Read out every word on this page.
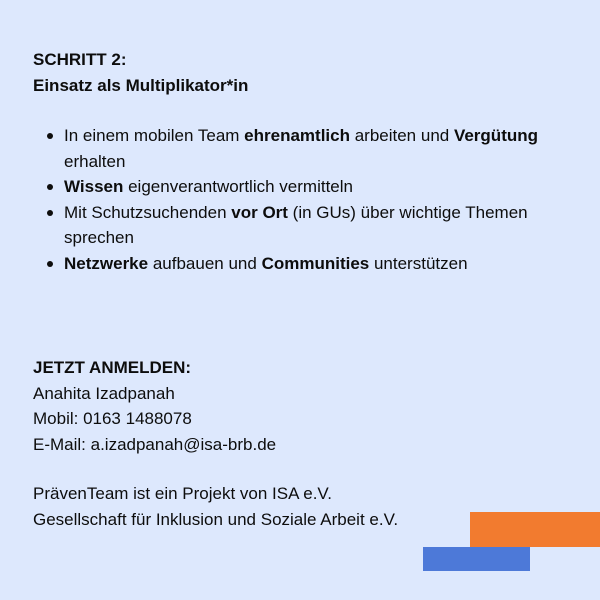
SCHRITT 2:
Einsatz als Multiplikator*in
In einem mobilen Team ehrenamtlich arbeiten und Vergütung erhalten
Wissen eigenverantwortlich vermitteln
Mit Schutzsuchenden vor Ort (in GUs) über wichtige Themen sprechen
Netzwerke aufbauen und Communities unterstützen
JETZT ANMELDEN:
Anahita Izadpanah
Mobil: 0163 1488078
E-Mail: a.izadpanah@isa-brb.de
PrävenTeam ist ein Projekt von ISA e.V.
Gesellschaft für Inklusion und Soziale Arbeit e.V.
